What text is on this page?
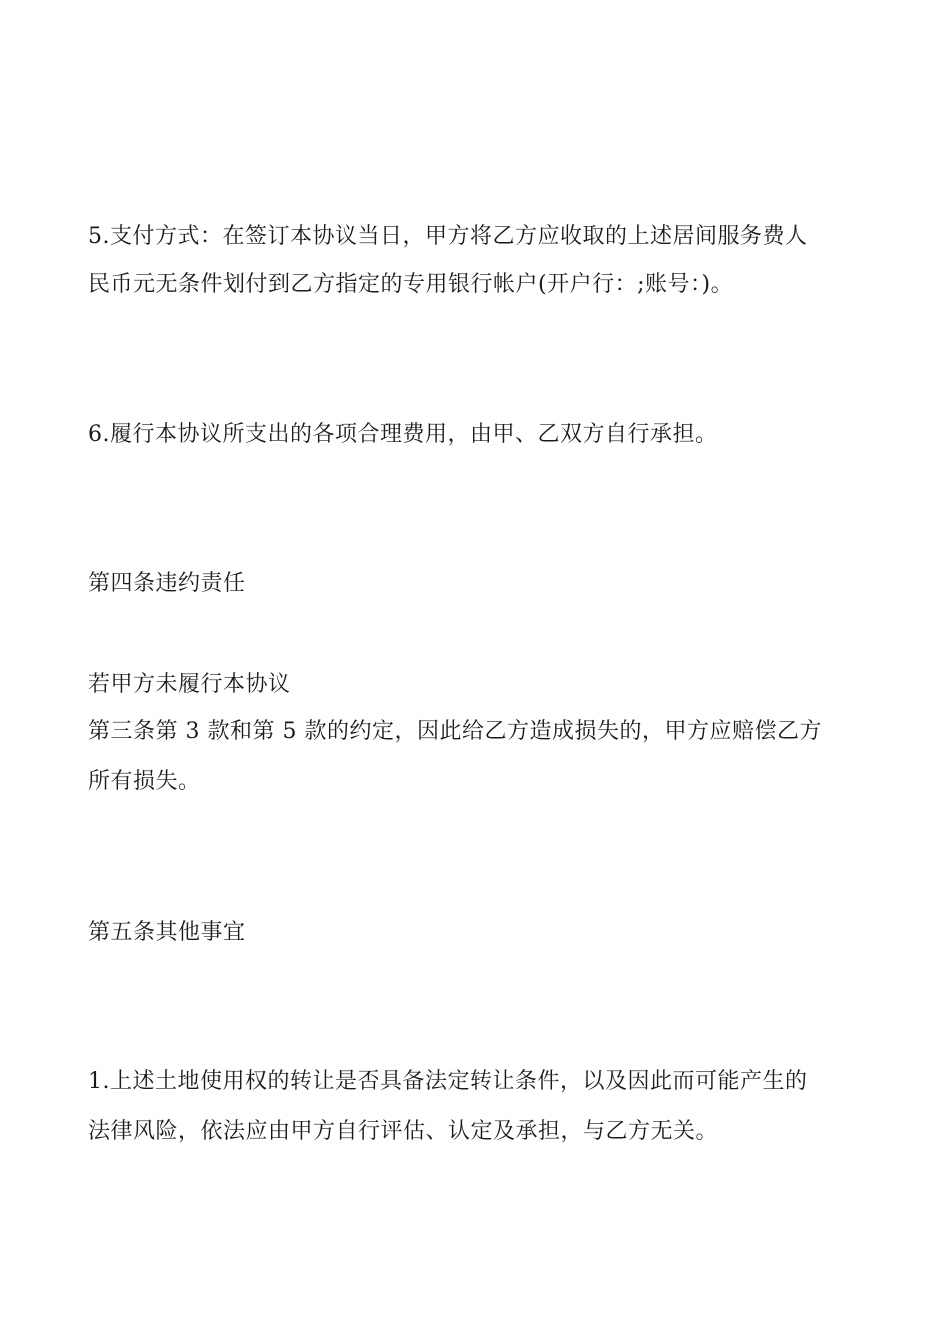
5.支付方式：在签订本协议当日，甲方将乙方应收取的上述居间服务费人
民币元无条件划付到乙方指定的专用银行帐户(开户行：;账号：)。
6.履行本协议所支出的各项合理费用，由甲、乙双方自行承担。
第四条违约责任
若甲方未履行本协议
第三条第 3 款和第 5 款的约定，因此给乙方造成损失的，甲方应赔偿乙方
所有损失。
第五条其他事宜
1.上述土地使用权的转让是否具备法定转让条件，以及因此而可能产生的
法律风险，依法应由甲方自行评估、认定及承担，与乙方无关。
